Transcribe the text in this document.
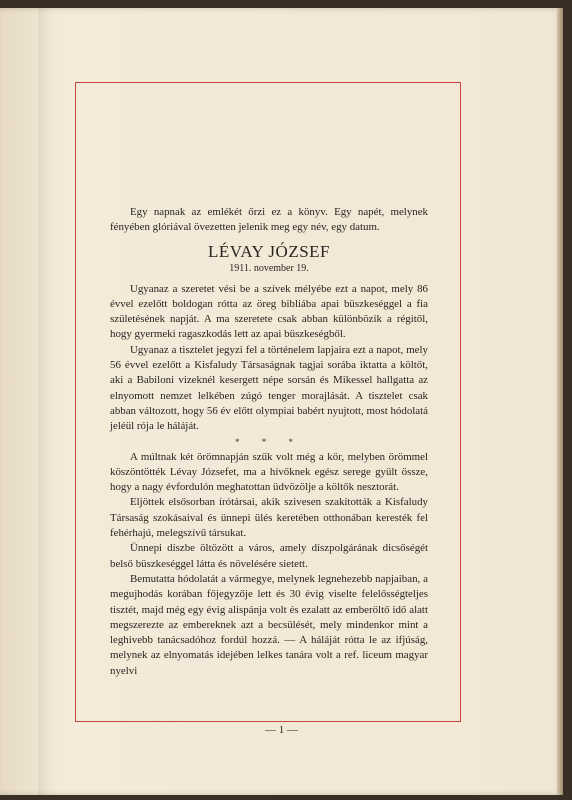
Egy napnak az emlékét őrzi ez a könyv. Egy napét, melynek fényében glóriával övezetten jelenik meg egy név, egy datum.

LÉVAY JÓZSEF
1911. november 19.

Ugyanaz a szeretet vési be a szívek mélyébe ezt a napot, mely 86 évvel ezelőtt boldogan rótta az öreg bibliába apai büszkeséggel a fia születésének napját. A ma szeretete csak abban különbözik a régitől, hogy gyermeki ragaszkodás lett az apai büszkeségből.

Ugyanaz a tisztelet jegyzi fel a történelem lapjaira ezt a napot, mely 56 évvel ezelőtt a Kisfaludy Társaságnak tagjai sorába iktatta a költőt, aki a Babiloni vizeknél kesergett népe sorsán és Mikessel hallgatta az elnyomott nemzet lelkében zúgó tenger morajlását. A tisztelet csak abban változott, hogy 56 év előtt olympiai babért nyujtott, most hódolatá jeléül rója le háláját.

* * *

A múltnak két örömnapján szűk volt még a kör, melyben örömmel köszöntötték Lévay Józsefet, ma a hívőknek egész serege gyült össze, hogy a nagy évfordulón meghatottan üdvözölje a költők nesztorát.

Eljöttek elsősorban írótársai, akik szivesen szakították a Kisfaludy Társaság szokásaival és ünnepi ülés keretében otthonában keresték fel fehérhajú, melegszívű társukat.

Ünnepi díszbe öltözött a város, amely díszpolgárának dicsőségét belső büszkeséggel látta és növelésére sietett.

Bemutatta hódolatát a vármegye, melynek legnehezebb napjaiban, a megujhodás korában főjegyzője lett és 30 évig viselte felelősségteljes tisztét, majd még egy évig alispánja volt és ezalatt az emberöltő idő alatt megszerezte az embereknek azt a becsülését, mely mindenkor mint a leghivebb tanácsadóhoz fordúl hozzá. — A háláját rótta le az ifjúság, melynek az elnyomatás idejében lelkes tanára volt a ref. liceum magyar nyelvi

— 1 —
